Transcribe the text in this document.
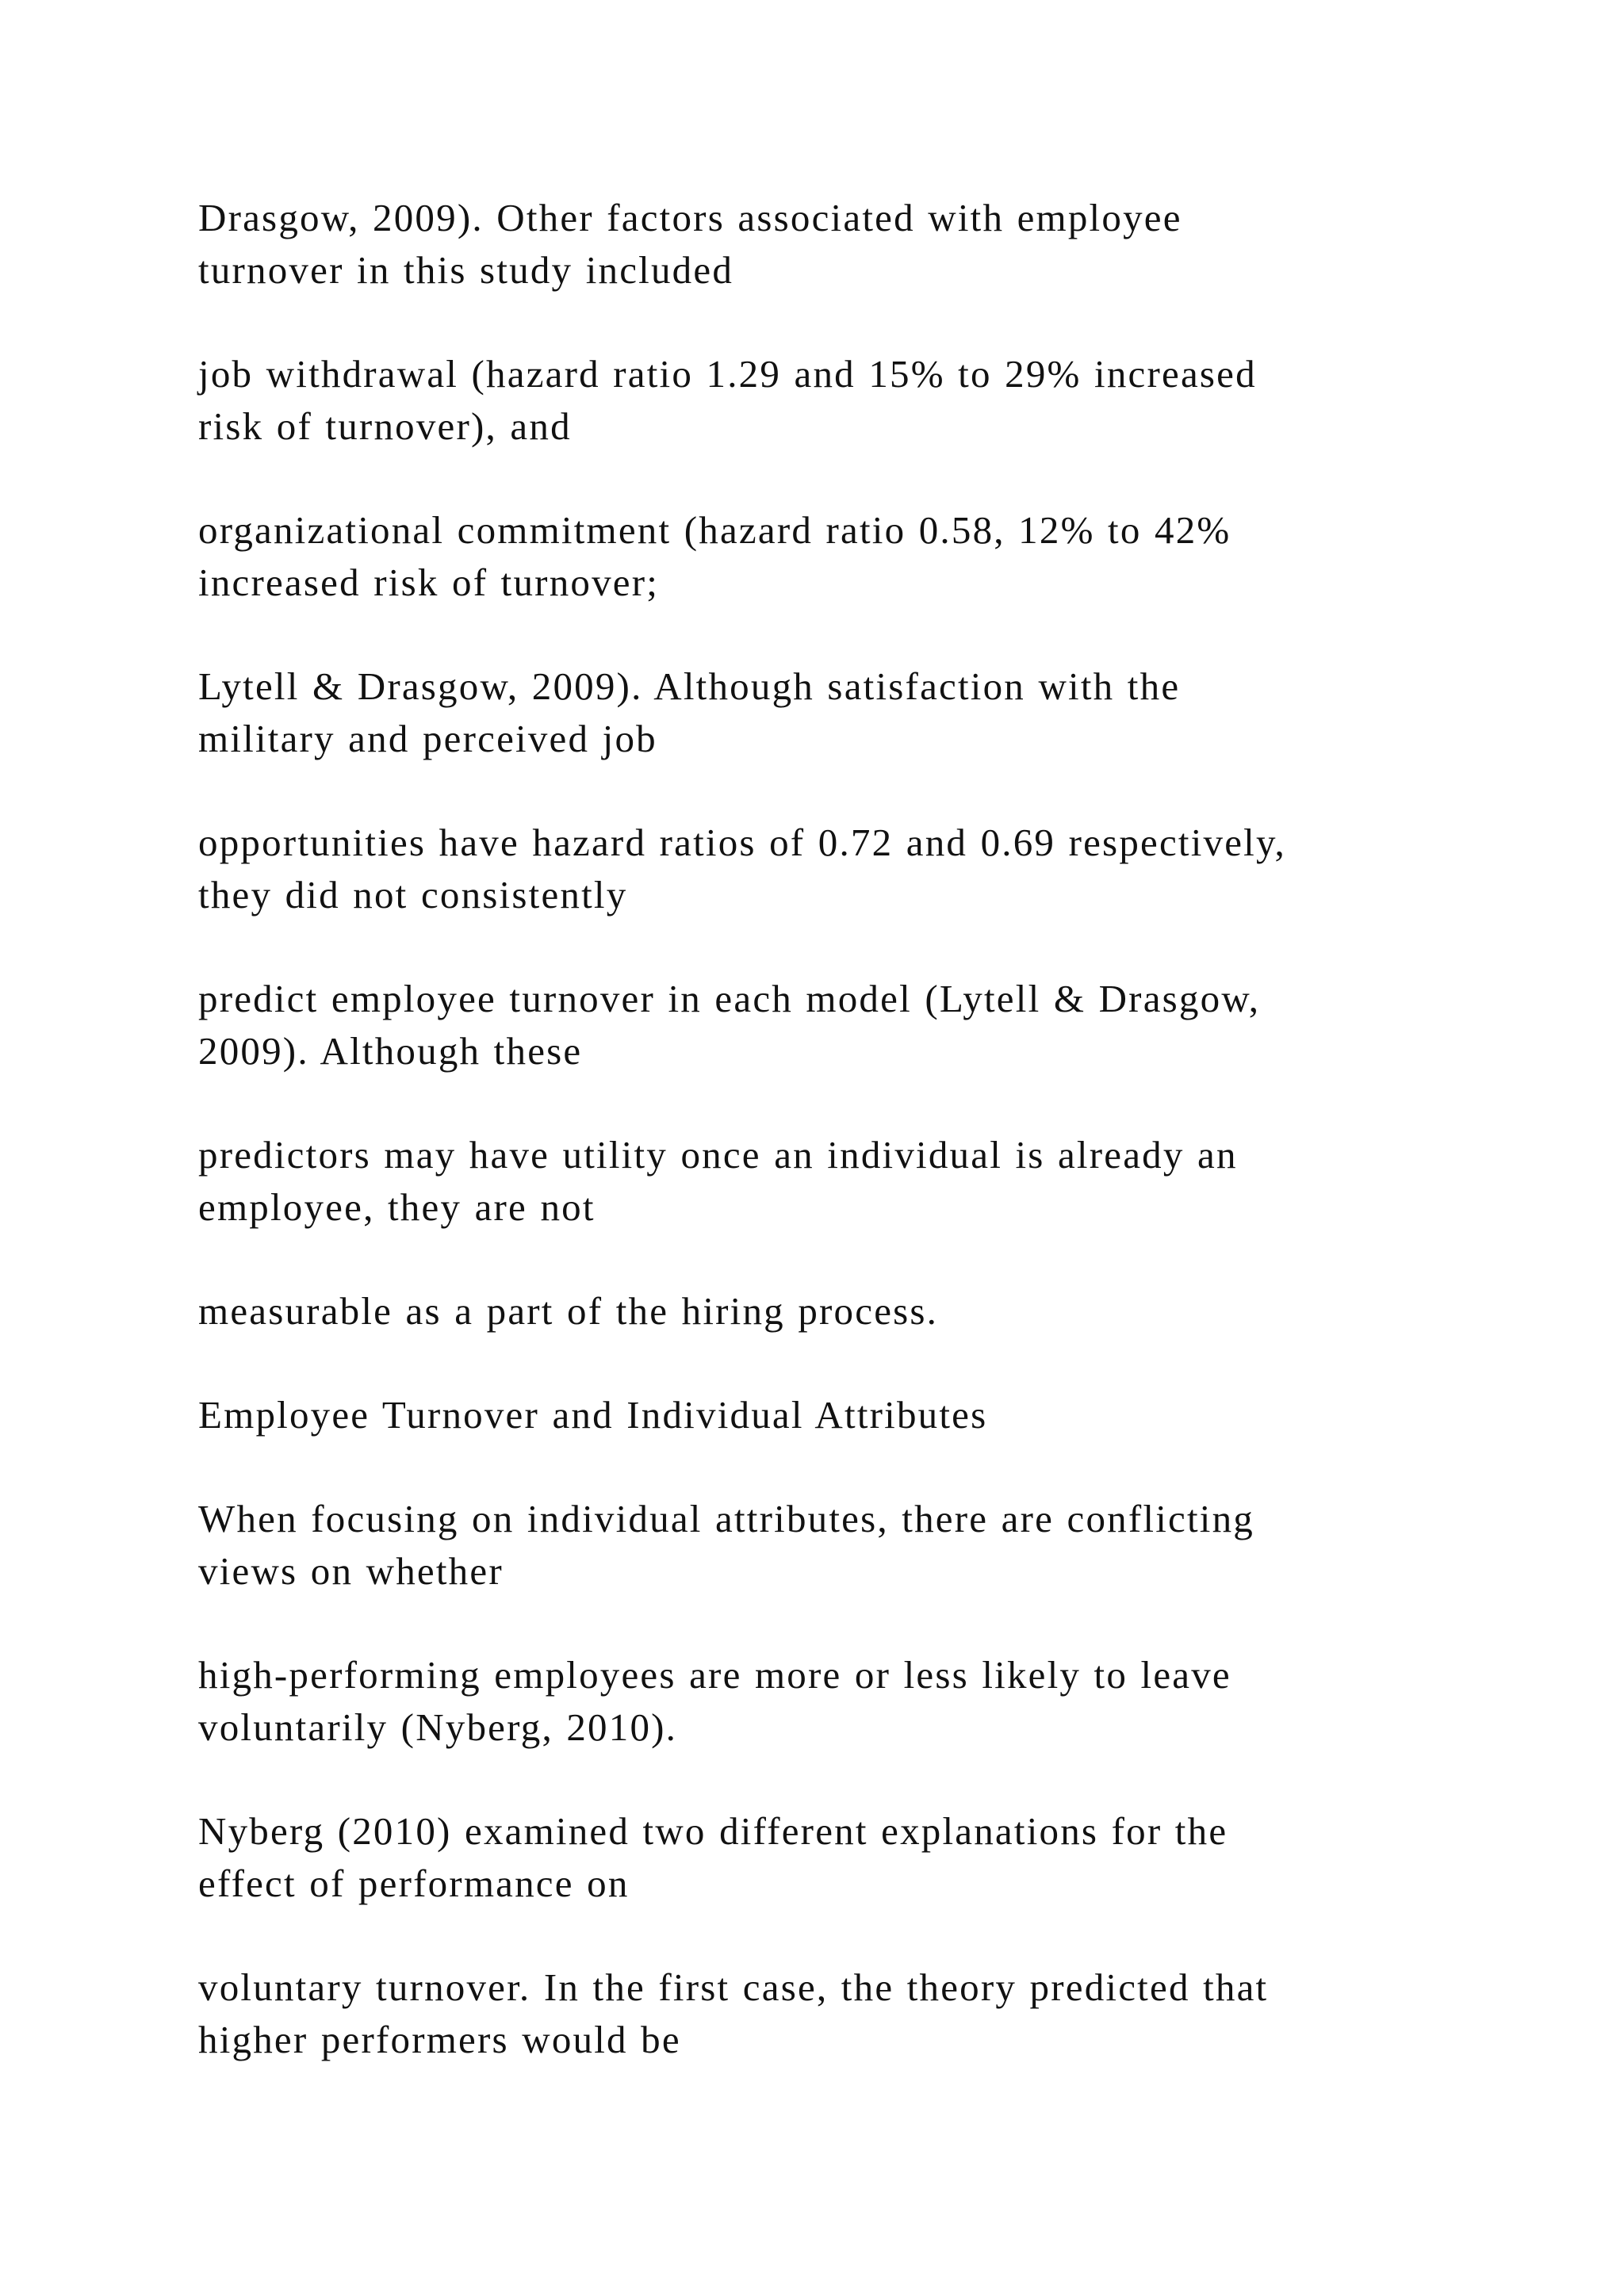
Drasgow, 2009). Other factors associated with employee
turnover in this study included

job withdrawal (hazard ratio 1.29 and 15% to 29% increased
risk of turnover), and

organizational commitment (hazard ratio 0.58, 12% to 42%
increased risk of turnover;

Lytell & Drasgow, 2009). Although satisfaction with the
military and perceived job

opportunities have hazard ratios of 0.72 and 0.69 respectively,
they did not consistently

predict employee turnover in each model (Lytell & Drasgow,
2009). Although these

predictors may have utility once an individual is already an
employee, they are not

measurable as a part of the hiring process.

Employee Turnover and Individual Attributes

When focusing on individual attributes, there are conflicting
views on whether

high-performing employees are more or less likely to leave
voluntarily (Nyberg, 2010).

Nyberg (2010) examined two different explanations for the
effect of performance on

voluntary turnover. In the first case, the theory predicted that
higher performers would be
